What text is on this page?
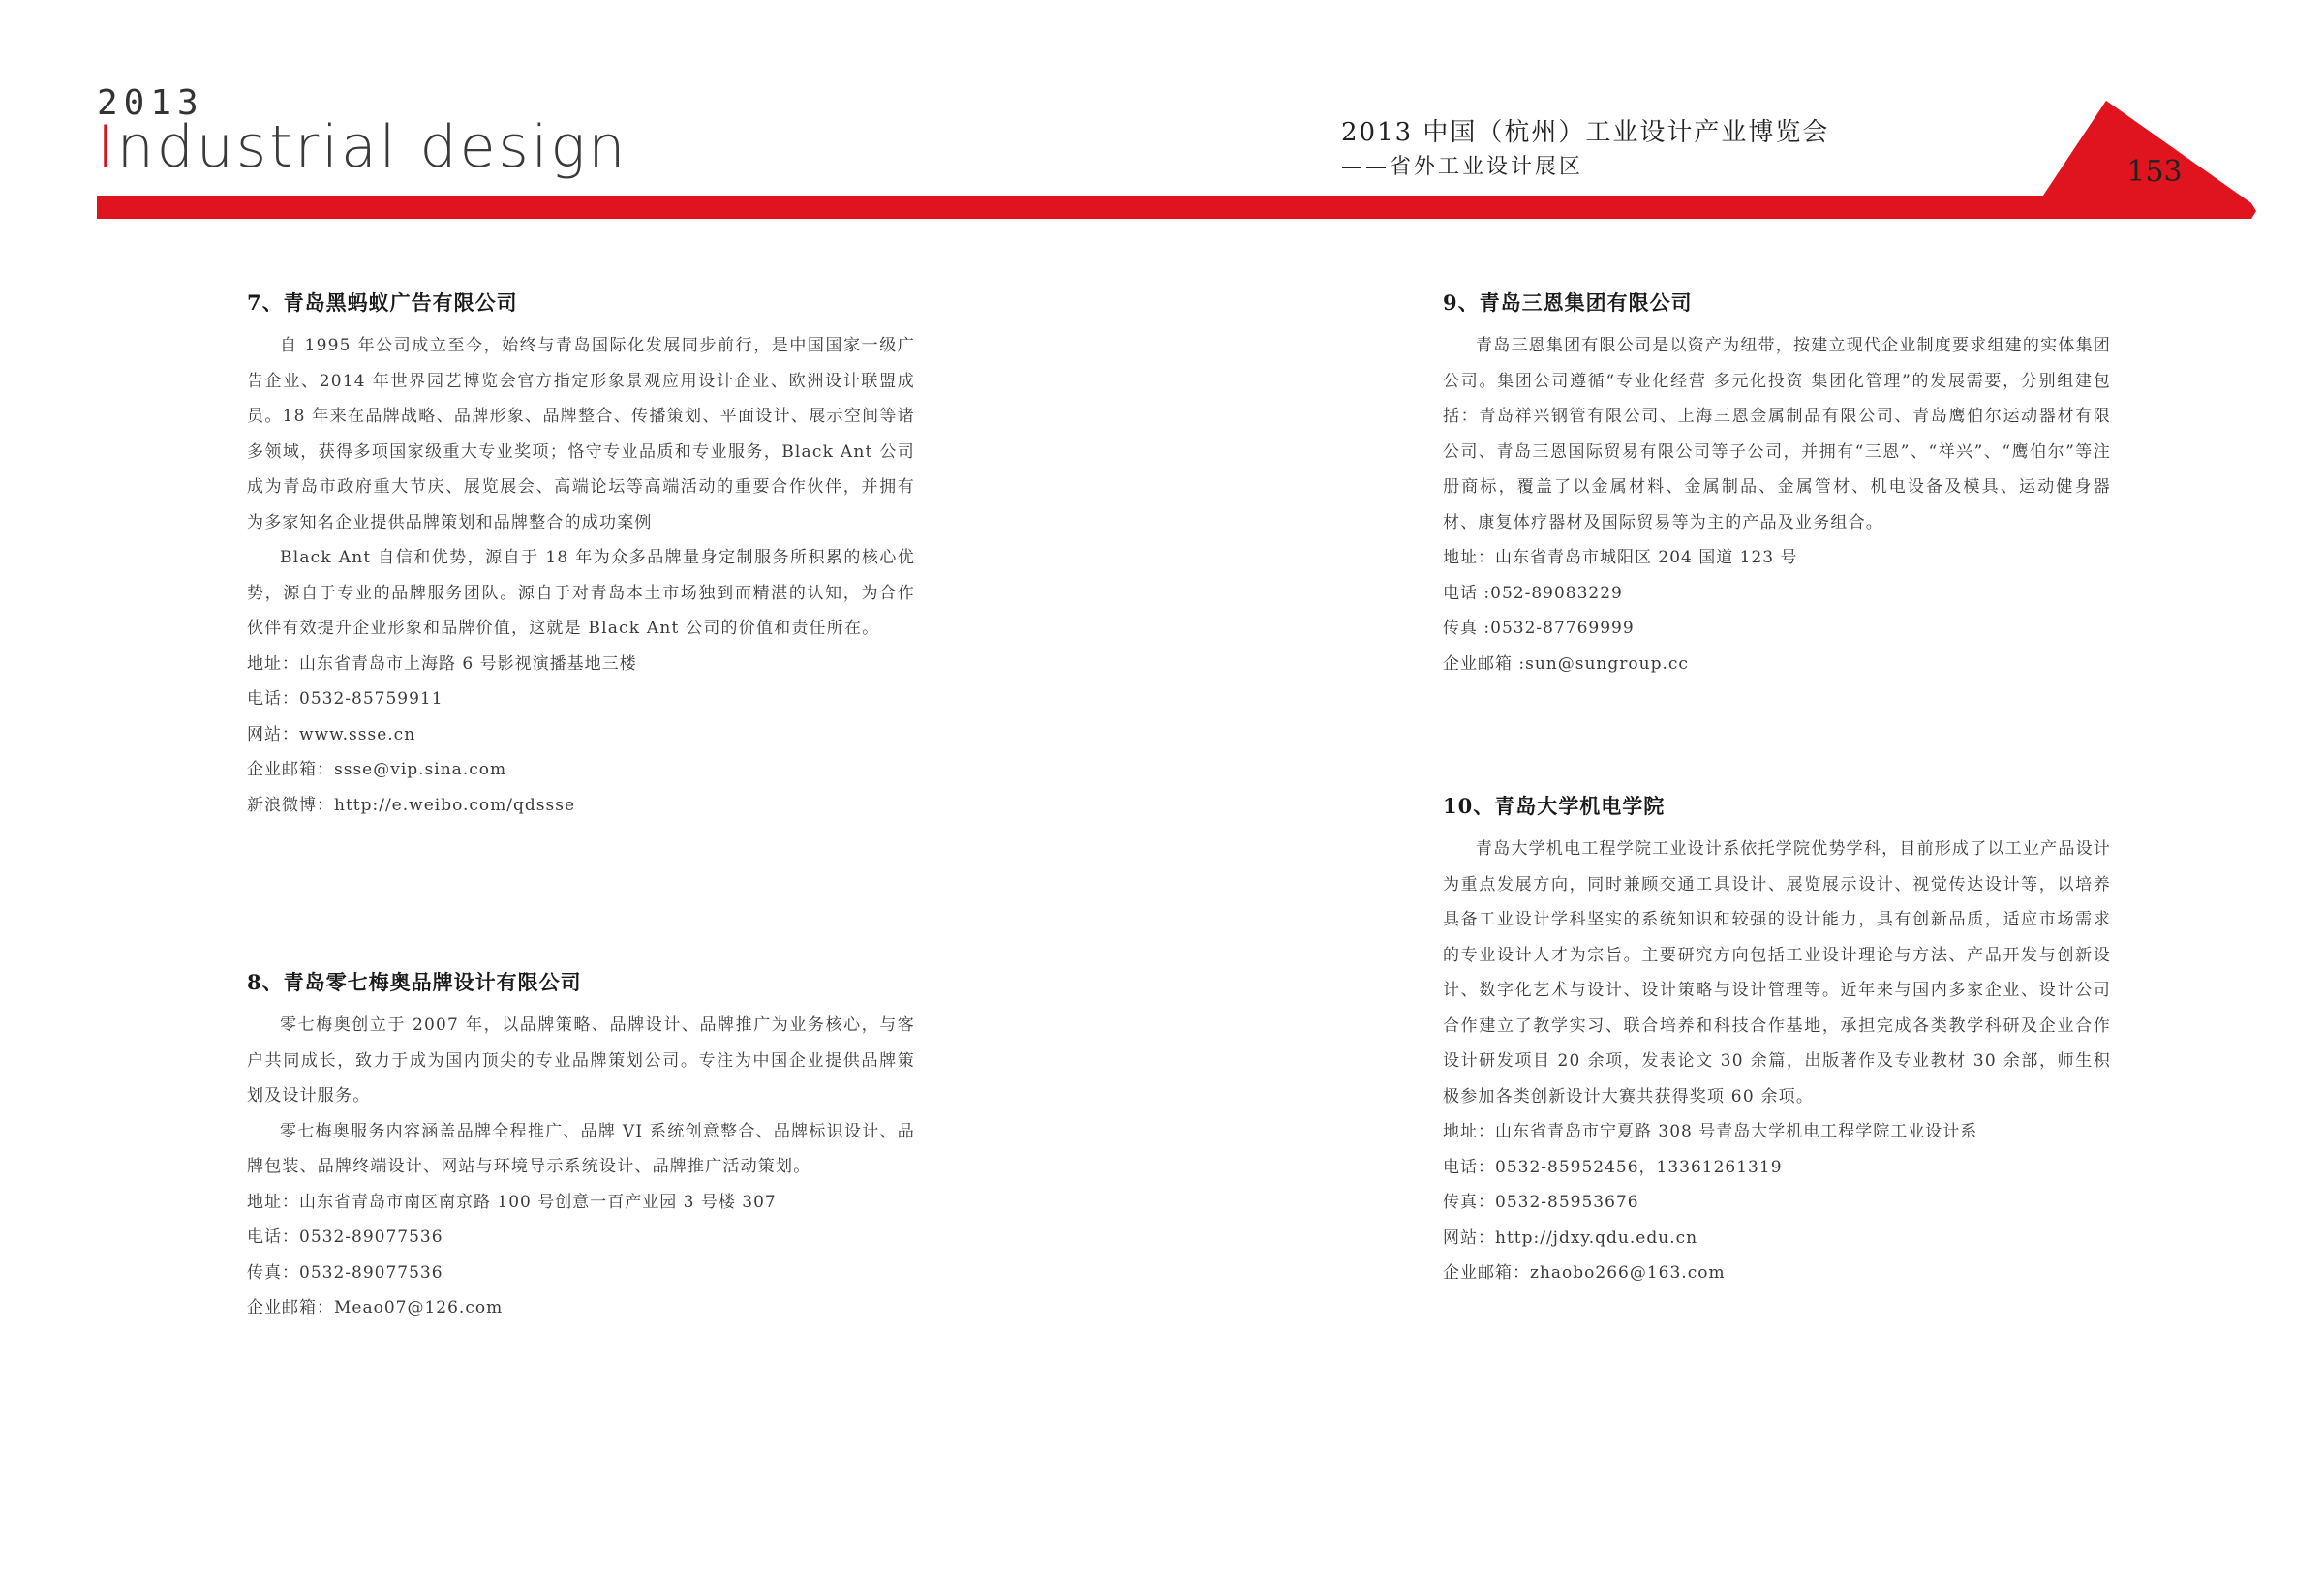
2013
Industrial design	2013 中国（杭州）工业设计产业博览会
——省外工业设计展区	153
7、青岛黑蚂蚁广告有限公司

自 1995 年公司成立至今，始终与青岛国际化发展同步前行，是中国国家一级广告企业、2014 年世界园艺博览会官方指定形象景观应用设计企业、欧洲设计联盟成员。18 年来在品牌战略、品牌形象、品牌整合、传播策划、平面设计、展示空间等诸多领域，获得多项国家级重大专业奖项；恪守专业品质和专业服务，Black Ant 公司成为青岛市政府重大节庆、展览展会、高端论坛等高端活动的重要合作伙伴，并拥有为多家知名企业提供品牌策划和品牌整合的成功案例

Black Ant 自信和优势，源自于 18 年为众多品牌量身定制服务所积累的核心优势，源自于专业的品牌服务团队。源自于对青岛本土市场独到而精湛的认知，为合作伙伴有效提升企业形象和品牌价值，这就是 Black Ant 公司的价值和责任所在。

地址：山东省青岛市上海路 6 号影视演播基地三楼
电话：0532-85759911
网站：www.ssse.cn
企业邮箱：ssse@vip.sina.com
新浪微博：http://e.weibo.com/qdssse
8、青岛零七梅奥品牌设计有限公司

零七梅奥创立于 2007 年，以品牌策略、品牌设计、品牌推广为业务核心，与客户共同成长，致力于成为国内顶尖的专业品牌策划公司。专注为中国企业提供品牌策划及设计服务。

零七梅奥服务内容涵盖品牌全程推广、品牌 VI 系统创意整合、品牌标识设计、品牌包装、品牌终端设计、网站与环境导示系统设计、品牌推广活动策划。

地址：山东省青岛市南区南京路 100 号创意一百产业园 3 号楼 307
电话：0532-89077536
传真：0532-89077536
企业邮箱：Meao07@126.com
9、青岛三恩集团有限公司

青岛三恩集团有限公司是以资产为纽带，按建立现代企业制度要求组建的实体集团公司。集团公司遵循“专业化经营 多元化投资 集团化管理”的发展需要，分别组建包括：青岛祥兴钢管有限公司、上海三恩金属制品有限公司、青岛鹰伯尔运动器材有限公司、青岛三恩国际贸易有限公司等子公司，并拥有“三恩”、“祥兴”、“鹰伯尔”等注册商标，覆盖了以金属材料、金属制品、金属管材、机电设备及模具、运动健身器材、康复体疗器材及国际贸易等为主的产品及业务组合。

地址：山东省青岛市城阳区 204 国道 123 号
电话 :052-89083229
传真 :0532-87769999
企业邮箱 :sun@sungroup.cc
10、青岛大学机电学院

青岛大学机电工程学院工业设计系依托学院优势学科，目前形成了以工业产品设计为重点发展方向，同时兼顾交通工具设计、展览展示设计、视觉传达设计等，以培养具备工业设计学科坚实的系统知识和较强的设计能力，具有创新品质，适应市场需求的专业设计人才为宗旨。主要研究方向包括工业设计理论与方法、产品开发与创新设计、数字化艺术与设计、设计策略与设计管理等。近年来与国内多家企业、设计公司合作建立了教学实习、联合培养和科技合作基地，承担完成各类教学科研及企业合作设计研发项目 20 余项，发表论文 30 余篇，出版著作及专业教材 30 余部，师生积极参加各类创新设计大赛共获得奖项 60 余项。

地址：山东省青岛市宁夏路 308 号青岛大学机电工程学院工业设计系
电话：0532-85952456，13361261319
传真：0532-85953676
网站：http://jdxy.qdu.edu.cn
企业邮箱：zhaobo266@163.com
